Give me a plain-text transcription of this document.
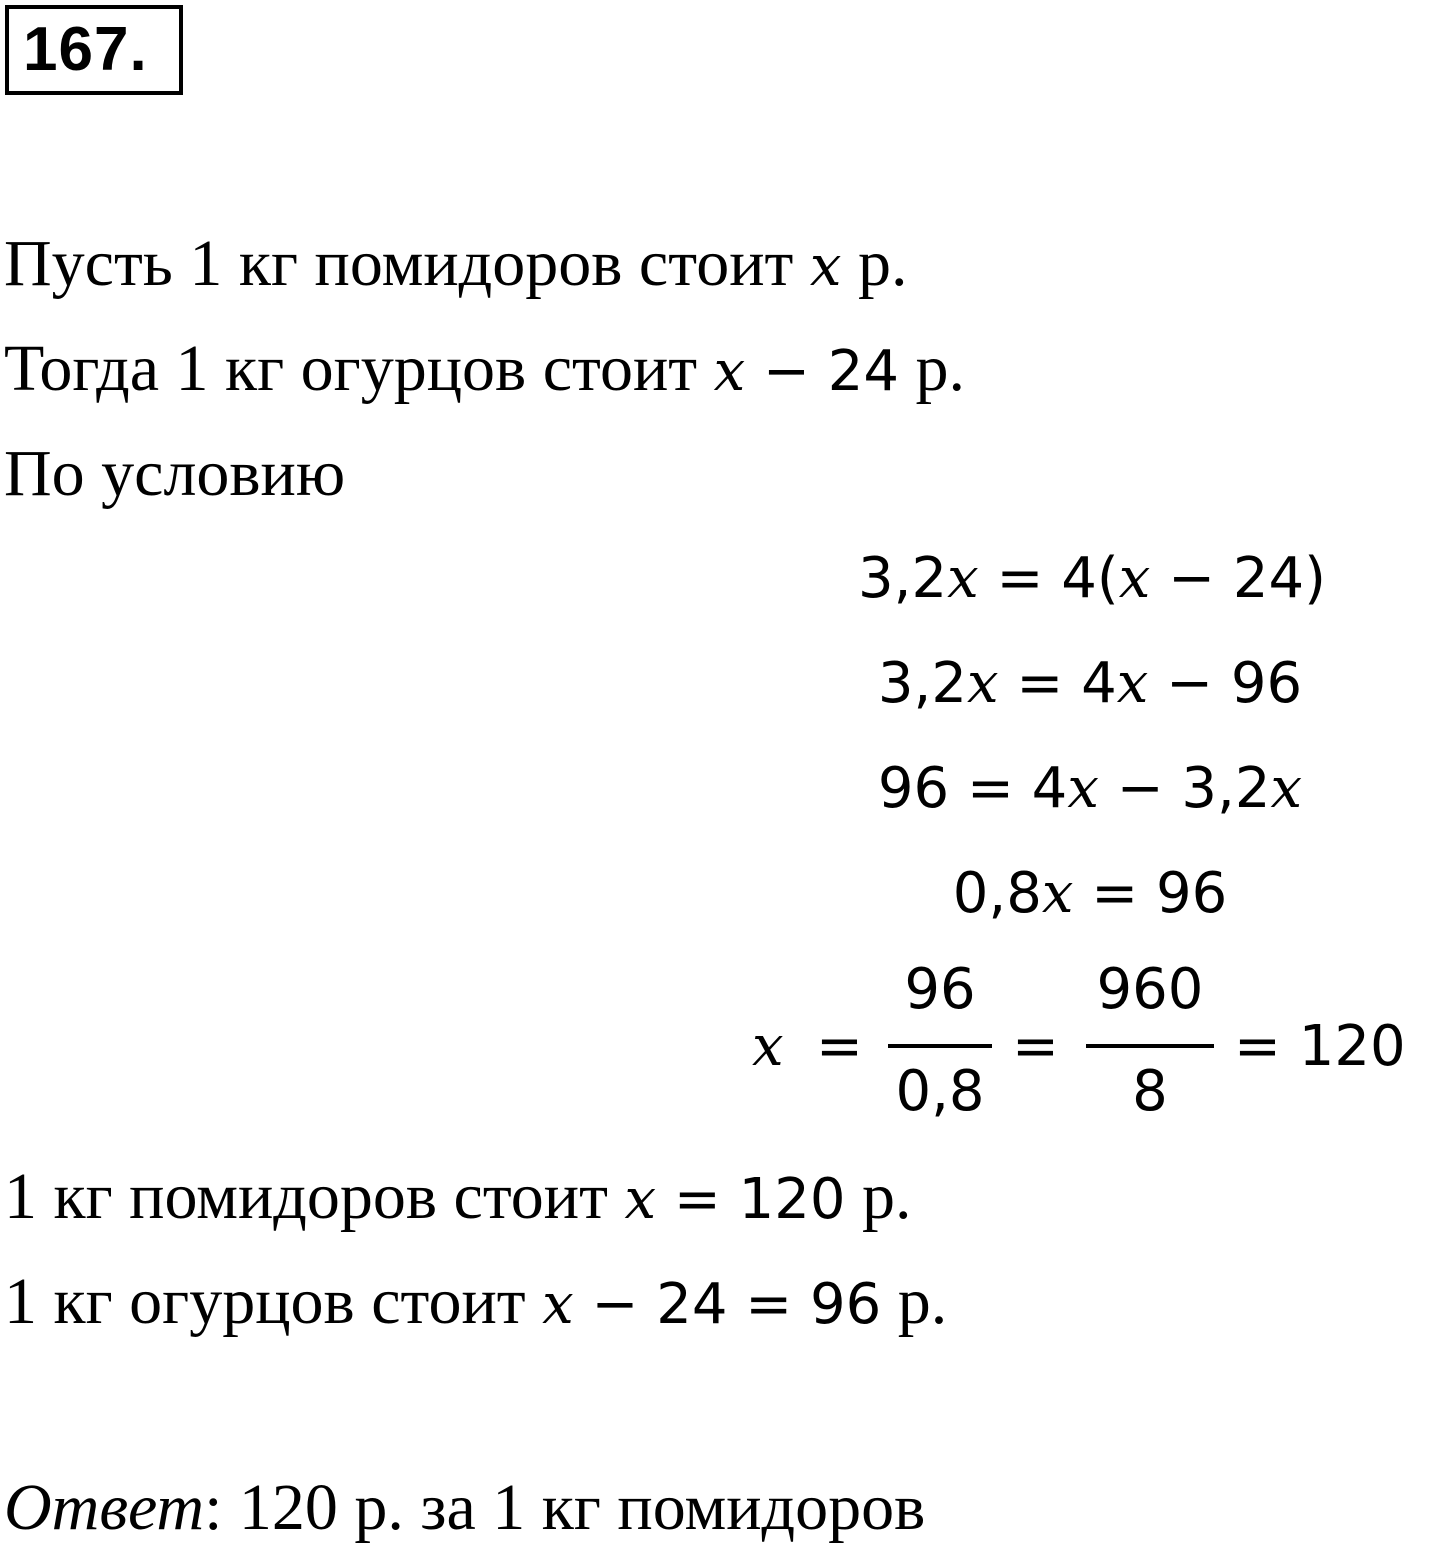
167.
Пусть 1 кг помидоров стоит x р.
Тогда 1 кг огурцов стоит x − 24 р.
По условию
3,2x = 4(x − 24)
3,2x = 4x − 96
96 = 4x − 3,2x
0,8x = 96
x =
96
0,8
=
960
8
= 120
1 кг помидоров стоит x = 120 р.
1 кг огурцов стоит x − 24 = 96 р.
Ответ: 120 р. за 1 кг помидоров
